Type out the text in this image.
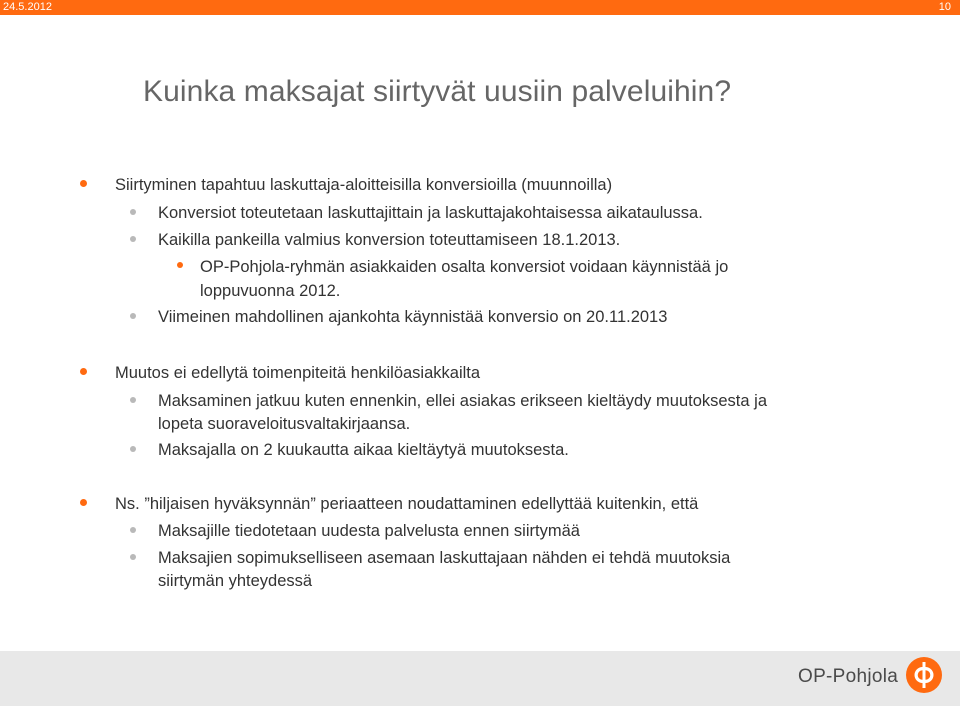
24.5.2012	10
Kuinka maksajat siirtyvät uusiin palveluihin?
Siirtyminen tapahtuu laskuttaja-aloitteisilla konversioilla (muunnoilla)
Konversiot toteutetaan laskuttajittain ja laskuttajakohtaisessa aikataulussa.
Kaikilla pankeilla valmius konversion toteuttamiseen 18.1.2013.
OP-Pohjola-ryhmän asiakkaiden osalta konversiot voidaan käynnistää jo
loppuvuonna 2012.
Viimeinen mahdollinen ajankohta käynnistää konversio on 20.11.2013
Muutos ei edellytä toimenpiteitä henkilöasiakkailta
Maksaminen jatkuu kuten ennenkin, ellei asiakas erikseen kieltäydy muutoksesta ja
lopeta suoraveloitusvaltakirjaansa.
Maksajalla on 2 kuukautta aikaa kieltäytyä muutoksesta.
Ns. ”hiljaisen hyväksynnän” periaatteen noudattaminen edellyttää kuitenkin, että
Maksajille tiedotetaan uudesta palvelusta ennen siirtymää
Maksajien sopimukselliseen asemaan laskuttajaan nähden ei tehdä muutoksia
siirtymän yhteydessä
OP-Pohjola
